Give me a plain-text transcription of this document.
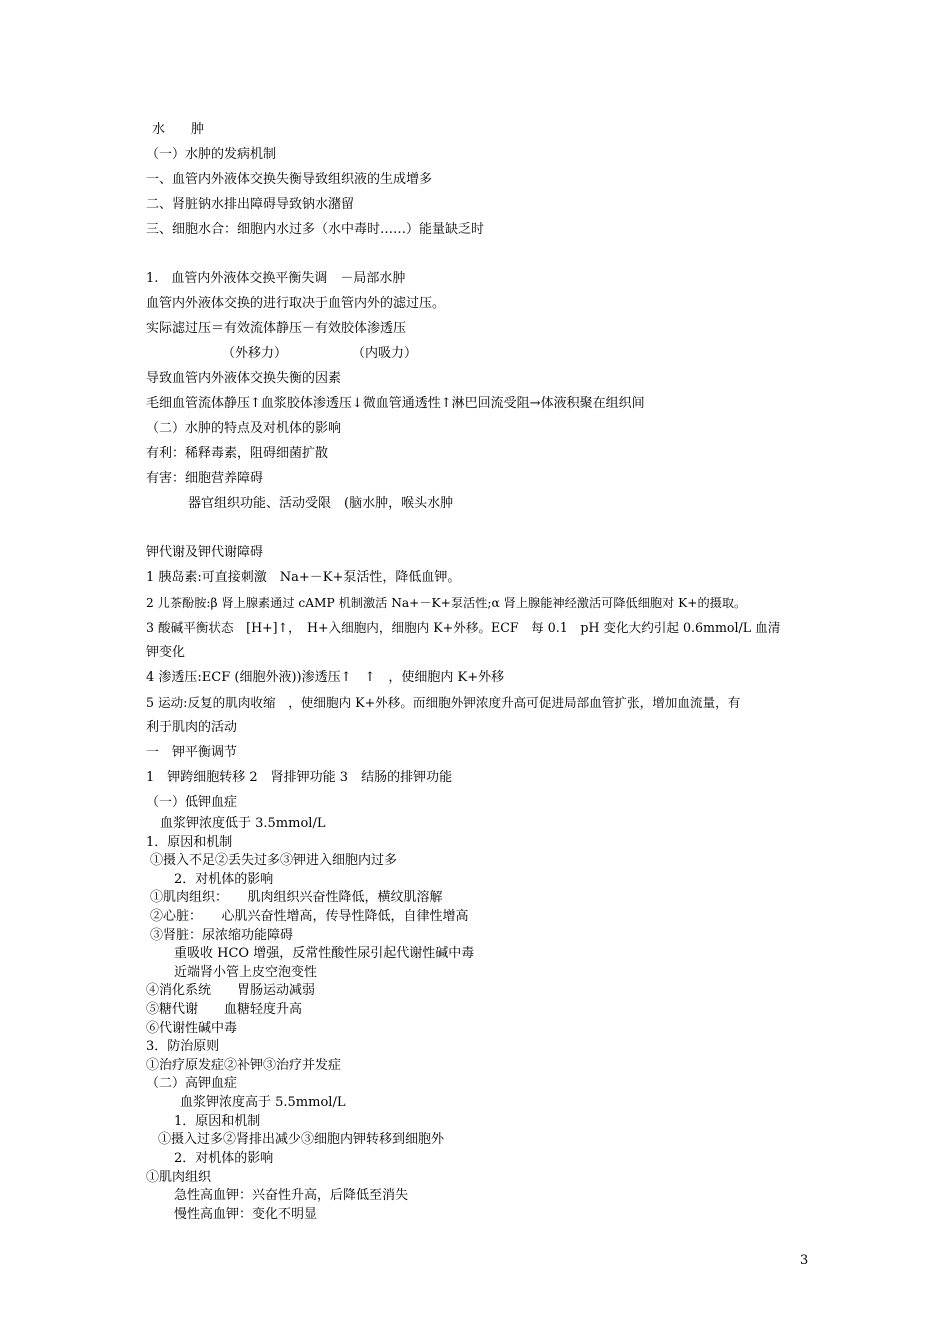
水　　肿
（一）水肿的发病机制
一、血管内外液体交换失衡导致组织液的生成增多
二、肾脏钠水排出障碍导致钠水潴留
三、细胞水合：细胞内水过多（水中毒时……）能量缺乏时
1.　血管内外液体交换平衡失调　－局部水肿
血管内外液体交换的进行取决于血管内外的滤过压。
实际滤过压＝有效流体静压－有效胶体渗透压
（外移力）　　　　　　（内吸力）
导致血管内外液体交换失衡的因素
毛细血管流体静压↑血浆胶体渗透压↓微血管通透性↑淋巴回流受阻→体液积聚在组织间
（二）水肿的特点及对机体的影响
有利：稀释毒素，阻碍细菌扩散
有害：细胞营养障碍
器官组织功能、活动受限　(脑水肿，喉头水肿
钾代谢及钾代谢障碍
1 胰岛素:可直接刺激　Na+－K+泵活性，降低血钾。
2 儿茶酚胺:β 肾上腺素通过 cAMP 机制激活 Na+－K+泵活性;α 肾上腺能神经激活可降低细胞对 K+的摄取。
3 酸碱平衡状态　[H+]↑，　H+入细胞内，细胞内 K+外移。ECF　每 0.1　pH 变化大约引起 0.6mmol/L 血清
钾变化
4 渗透压:ECF (细胞外液))渗透压↑　↑　，使细胞内 K+外移
5 运动:反复的肌肉收缩　，使细胞内 K+外移。而细胞外钾浓度升高可促进局部血管扩张，增加血流量，有
利于肌肉的活动
一　钾平衡调节
1　钾跨细胞转移 2　肾排钾功能 3　结肠的排钾功能
（一）低钾血症
血浆钾浓度低于 3.5mmol/L
1．原因和机制
①摄入不足②丢失过多③钾进入细胞内过多
2．对机体的影响
①肌肉组织：　　肌肉组织兴奋性降低，横纹肌溶解
②心脏：　　心肌兴奋性增高，传导性降低，自律性增高
③肾脏：尿浓缩功能障碍
重吸收 HCO 增强，反常性酸性尿引起代谢性碱中毒
近端肾小管上皮空泡变性
④消化系统　　胃肠运动减弱
⑤糖代谢　　血糖轻度升高
⑥代谢性碱中毒
3．防治原则
①治疗原发症②补钾③治疗并发症
（二）高钾血症
血浆钾浓度高于 5.5mmol/L
1．原因和机制
①摄入过多②肾排出减少③细胞内钾转移到细胞外
2．对机体的影响
①肌肉组织
急性高血钾：兴奋性升高，后降低至消失
慢性高血钾：变化不明显
3
